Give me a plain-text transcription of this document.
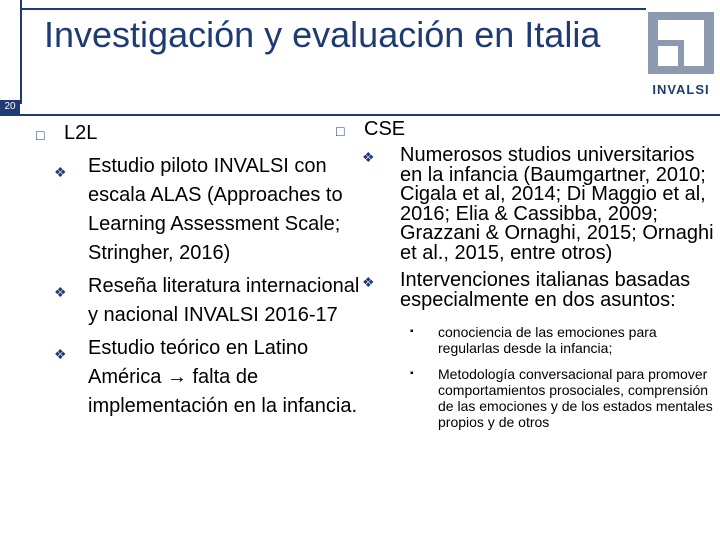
20
Investigación y evaluación en Italia
INVALSI
□ L2L
❖ Estudio piloto INVALSI con escala ALAS (Approaches to Learning Assessment Scale; Stringher, 2016)
❖ Reseña literatura internacional y nacional INVALSI 2016-17
❖ Estudio teórico en Latino América → falta de implementación en la infancia.
□ CSE
❖ Numerosos studios universitarios en la infancia (Baumgartner, 2010; Cigala et al, 2014; Di Maggio et al, 2016; Elia & Cassibba, 2009; Grazzani & Ornaghi, 2015; Ornaghi et al., 2015, entre otros)
❖ Intervenciones italianas basadas especialmente en dos asuntos:
▪ conociencia de las emociones para regularlas desde la infancia;
▪ Metodología conversacional para promover comportamientos prosociales, comprensión de las emociones y de los estados mentales propios y de otros
